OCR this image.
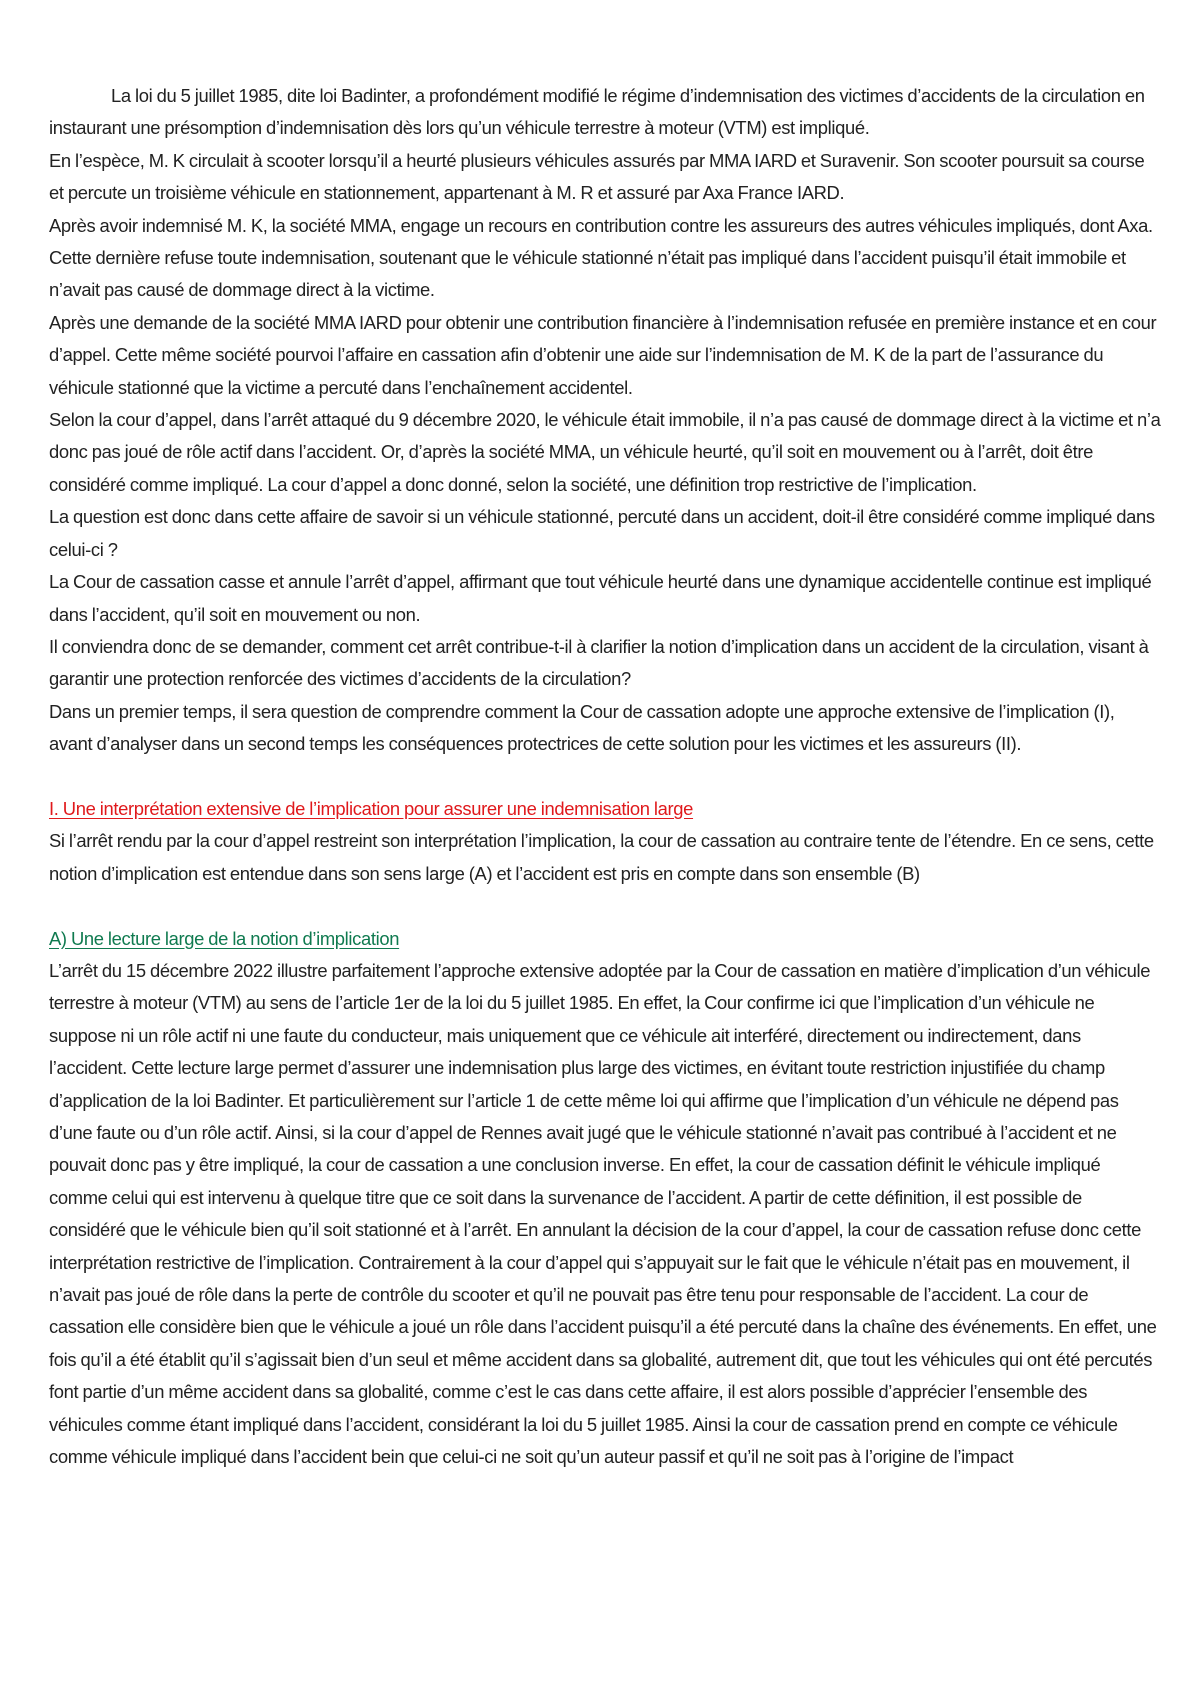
La loi du 5 juillet 1985, dite loi Badinter, a profondément modifié le régime d’indemnisation des victimes d’accidents de la circulation en instaurant une présomption d’indemnisation dès lors qu’un véhicule terrestre à moteur (VTM) est impliqué.

En l’espèce, M. K circulait à scooter lorsqu’il a heurté plusieurs véhicules assurés par MMA IARD et Suravenir. Son scooter poursuit sa course et percute un troisième véhicule en stationnement, appartenant à M. R et assuré par Axa France IARD.

Après avoir indemnisé M. K, la société MMA, engage un recours en contribution contre les assureurs des autres véhicules impliqués, dont Axa. Cette dernière refuse toute indemnisation, soutenant que le véhicule stationné n’était pas impliqué dans l’accident puisqu’il était immobile et n’avait pas causé de dommage direct à la victime.

Après une demande de la société MMA IARD pour obtenir une contribution financière à l’indemnisation refusée en première instance et en cour d’appel. Cette même société pourvoi l’affaire en cassation afin d’obtenir une aide sur l’indemnisation de M. K de la part de l’assurance du véhicule stationné que la victime a percuté dans l’enchaînement accidentel.

Selon la cour d’appel, dans l’arrêt attaqué du 9 décembre 2020, le véhicule était immobile, il n’a pas causé de dommage direct à la victime et n’a donc pas joué de rôle actif dans l’accident. Or, d’après la société MMA, un véhicule heurté, qu’il soit en mouvement ou à l’arrêt, doit être considéré comme impliqué. La cour d’appel a donc donné, selon la société, une définition trop restrictive de l’implication.

La question est donc dans cette affaire de savoir si un véhicule stationné, percuté dans un accident, doit-il être considéré comme impliqué dans celui-ci ?

La Cour de cassation casse et annule l’arrêt d’appel, affirmant que tout véhicule heurté dans une dynamique accidentelle continue est impliqué dans l’accident, qu’il soit en mouvement ou non.

Il conviendra donc de se demander, comment cet arrêt contribue-t-il à clarifier la notion d’implication dans un accident de la circulation, visant à garantir une protection renforcée des victimes d’accidents de la circulation?

Dans un premier temps, il sera question de comprendre comment la Cour de cassation adopte une approche extensive de l’implication (I), avant d’analyser dans un second temps les conséquences protectrices de cette solution pour les victimes et les assureurs (II).

I. Une interprétation extensive de l’implication pour assurer une indemnisation large

Si l’arrêt rendu par la cour d’appel restreint son interprétation l’implication, la cour de cassation au contraire tente de l’étendre. En ce sens, cette notion d’implication est entendue dans son sens large (A) et l’accident est pris en compte dans son ensemble (B)

A) Une lecture large de la notion d’implication

L’arrêt du 15 décembre 2022 illustre parfaitement l’approche extensive adoptée par la Cour de cassation en matière d’implication d’un véhicule terrestre à moteur (VTM) au sens de l’article 1er de la loi du 5 juillet 1985. En effet, la Cour confirme ici que l’implication d’un véhicule ne suppose ni un rôle actif ni une faute du conducteur, mais uniquement que ce véhicule ait interféré, directement ou indirectement, dans l’accident. Cette lecture large permet d’assurer une indemnisation plus large des victimes, en évitant toute restriction injustifiée du champ d’application de la loi Badinter. Et particulièrement sur l’article 1 de cette même loi qui affirme que l’implication d’un véhicule ne dépend pas d’une faute ou d’un rôle actif. Ainsi, si la cour d’appel de Rennes avait jugé que le véhicule stationné n’avait pas contribué à l’accident et ne pouvait donc pas y être impliqué, la cour de cassation a une conclusion inverse. En effet, la cour de cassation définit le véhicule impliqué comme celui qui est intervenu à quelque titre que ce soit dans la survenance de l’accident. A partir de cette définition, il est possible de considéré que le véhicule bien qu’il soit stationné et à l’arrêt. En annulant la décision de la cour d’appel, la cour de cassation refuse donc cette interprétation restrictive de l’implication. Contrairement à la cour d’appel qui s’appuyait sur le fait que le véhicule n’était pas en mouvement, il n’avait pas joué de rôle dans la perte de contrôle du scooter et qu’il ne pouvait pas être tenu pour responsable de l’accident. La cour de cassation elle considère bien que le véhicule a joué un rôle dans l’accident puisqu’il a été percuté dans la chaîne des événements. En effet, une fois qu’il a été établit qu’il s’agissait bien d’un seul et même accident dans sa globalité, autrement dit, que tout les véhicules qui ont été percutés font partie d’un même accident dans sa globalité, comme c’est le cas dans cette affaire, il est alors possible d’apprécier l’ensemble des véhicules comme étant impliqué dans l’accident, considérant la loi du 5 juillet 1985. Ainsi la cour de cassation prend en compte ce véhicule comme véhicule impliqué dans l’accident bein que celui-ci ne soit qu’un auteur passif et qu’il ne soit pas à l’origine de l’impact
